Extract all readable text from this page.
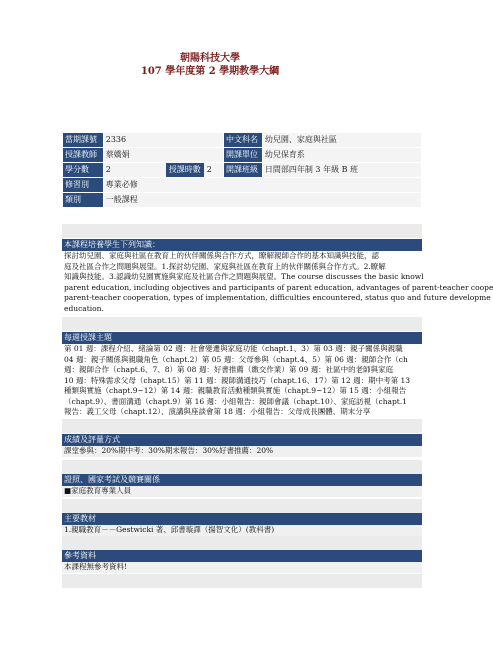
朝陽科技大學
107 學年度第 2 學期教學大綱
當期課號	2336	中文科名	幼兒園、家庭與社區
授課教師	蔡嬌娟	開課單位	幼兒保育系
學分數	2 授課時數 2	開課班級	日間部四年制 3 年級 B 班
修習別	專業必修		
類別	一般課程		
本課程培養學生下列知識：
探討幼兒園、家庭與社區在教育上的伙伴關係與合作方式，瞭解親師合作的基本知識與技能，認
庭及社區合作之問題與展望。1.探討幼兒園、家庭與社區在教育上的伙伴關係與合作方式。2.瞭解
知識與技能。3.認識幼兒園實施與家庭及社區合作之問題與展望。The course discusses the basic knowl
parent education, including objectives and participants of parent education, advantages of parent-teacher coope
parent-teacher cooperation, types of implementation, difficulties encountered, status quo and future developme
education.
每週授課主題
第 01 週：課程介紹、緒論第 02 週：社會變遷與家庭功能（chapt.1、3）第 03 週：親子關係與親職
04 週：親子關係與親職角色（chapt.2）第 05 週：父母參與（chapt.4、5）第 06 週：親師合作（ch
週：親師合作（chapt.6、7、8）第 08 週：好書推薦（繳交作業）第 09 週：社區中的老師與家庭
10 週：特殊需求父母（chapt.15）第 11 週：親師溝通技巧（chapt.16、17）第 12 週：期中考第 13
種類與實施（chapt.9~12）第 14 週：親職教育活動種類與實施（chapt.9~12）第 15 週：小組報告
（chapt.9）、書面溝通（chapt.9）第 16 週：小組報告：親師會議（chapt.10）、家庭訪視（chapt.1
報告：義工父母（chapt.12）、演講與座談會第 18 週：小組報告：父母成長團體、期末分享
成績及評量方式
課堂參與：20%期中考：30%期末報告：30%好書推薦：20%
證照、國家考試及競賽關係
■家庭教育專業人員
主要教材
1.親職教育－－Gestwicki 著、邱書璇譯（揚智文化）(教科書)
參考資料
本課程無參考資料!
